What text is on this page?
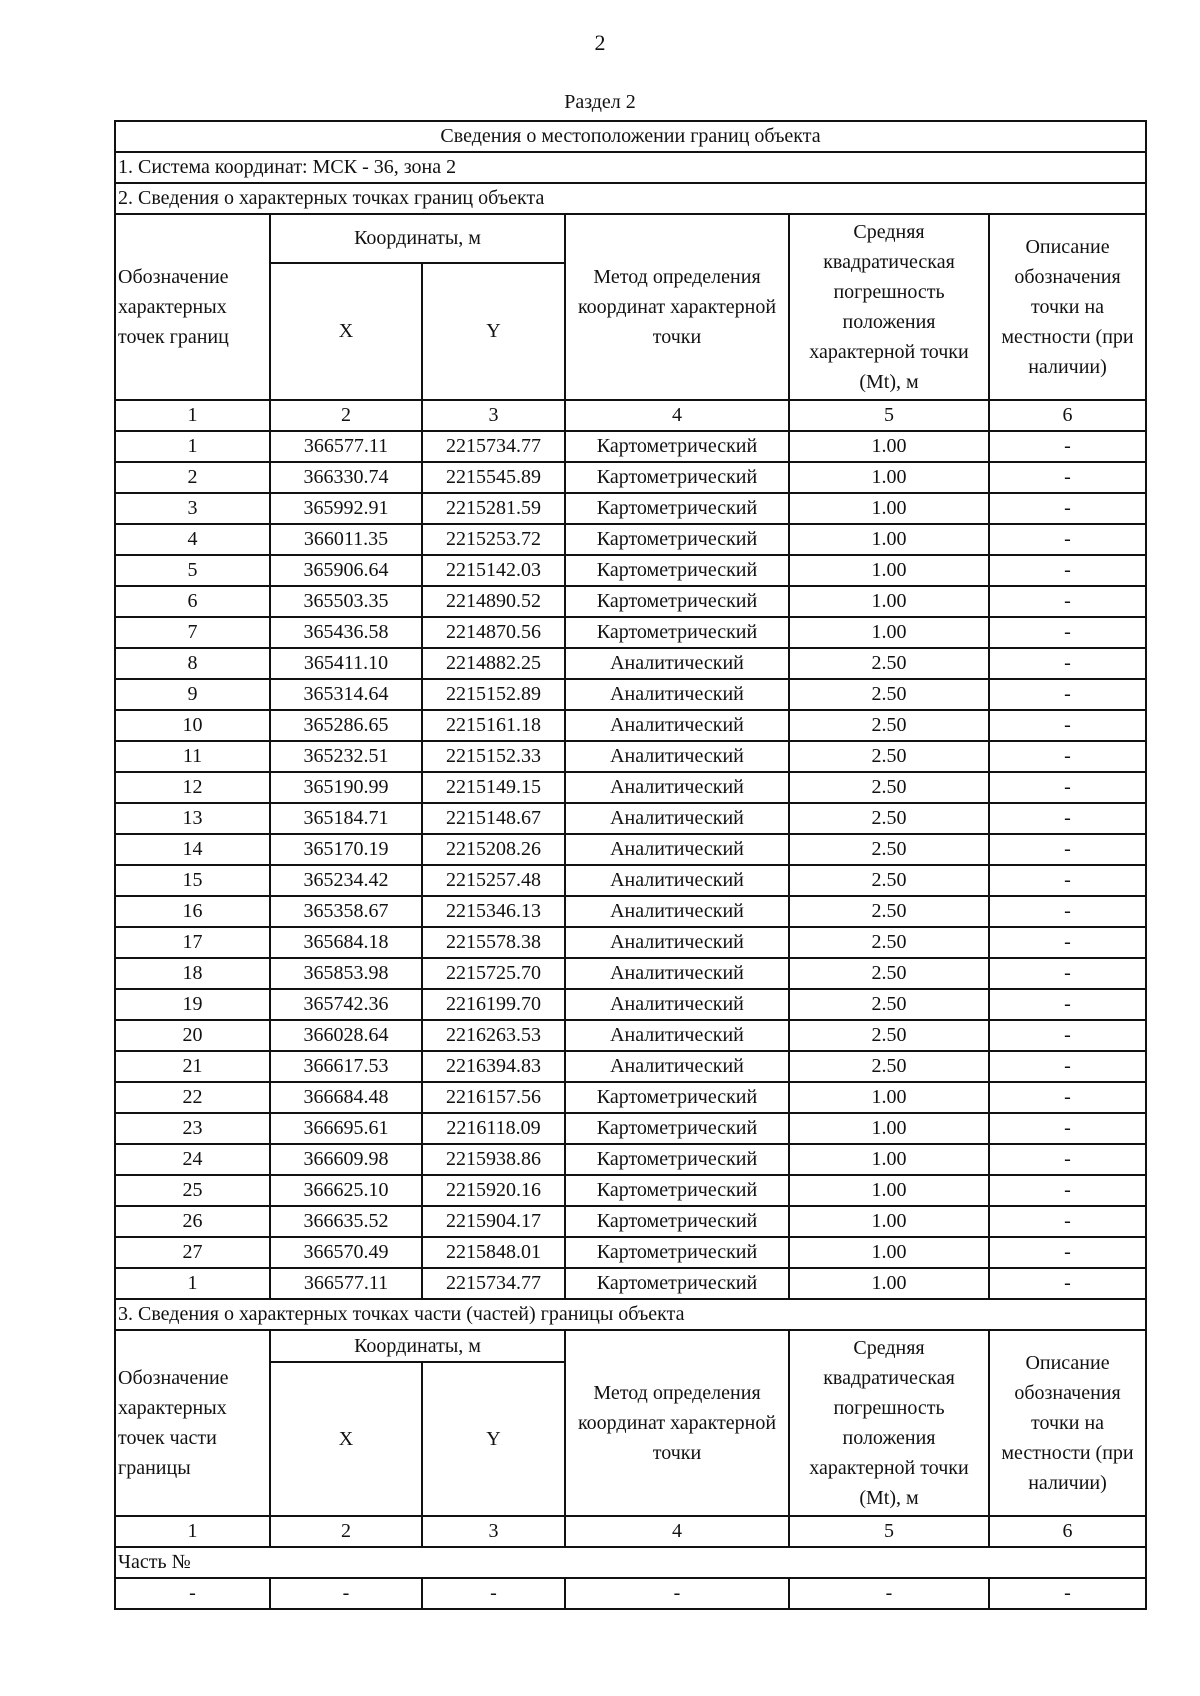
2
Раздел 2
Сведения о местоположении границ объекта					
1. Система координат: МСК - 36, зона 2					
2. Сведения о характерных точках границ объекта					
Обозначение характерных точек границ	Координаты, м		Метод определения координат характерной точки	Средняя квадратическая погрешность положения характерной точки (Mt), м	Описание обозначения точки на местности (при наличии)
	X	Y			
1	2	3	4	5	6
1	366577.11	2215734.77	Картометрический	1.00	-
2	366330.74	2215545.89	Картометрический	1.00	-
3	365992.91	2215281.59	Картометрический	1.00	-
4	366011.35	2215253.72	Картометрический	1.00	-
5	365906.64	2215142.03	Картометрический	1.00	-
6	365503.35	2214890.52	Картометрический	1.00	-
7	365436.58	2214870.56	Картометрический	1.00	-
8	365411.10	2214882.25	Аналитический	2.50	-
9	365314.64	2215152.89	Аналитический	2.50	-
10	365286.65	2215161.18	Аналитический	2.50	-
11	365232.51	2215152.33	Аналитический	2.50	-
12	365190.99	2215149.15	Аналитический	2.50	-
13	365184.71	2215148.67	Аналитический	2.50	-
14	365170.19	2215208.26	Аналитический	2.50	-
15	365234.42	2215257.48	Аналитический	2.50	-
16	365358.67	2215346.13	Аналитический	2.50	-
17	365684.18	2215578.38	Аналитический	2.50	-
18	365853.98	2215725.70	Аналитический	2.50	-
19	365742.36	2216199.70	Аналитический	2.50	-
20	366028.64	2216263.53	Аналитический	2.50	-
21	366617.53	2216394.83	Аналитический	2.50	-
22	366684.48	2216157.56	Картометрический	1.00	-
23	366695.61	2216118.09	Картометрический	1.00	-
24	366609.98	2215938.86	Картометрический	1.00	-
25	366625.10	2215920.16	Картометрический	1.00	-
26	366635.52	2215904.17	Картометрический	1.00	-
27	366570.49	2215848.01	Картометрический	1.00	-
1	366577.11	2215734.77	Картометрический	1.00	-
3. Сведения о характерных точках части (частей) границы объекта					
Обозначение характерных точек части границы	Координаты, м		Метод определения координат характерной точки	Средняя квадратическая погрешность положения характерной точки (Mt), м	Описание обозначения точки на местности (при наличии)
	X	Y			
1	2	3	4	5	6
Часть №					
-	-	-	-	-	-
